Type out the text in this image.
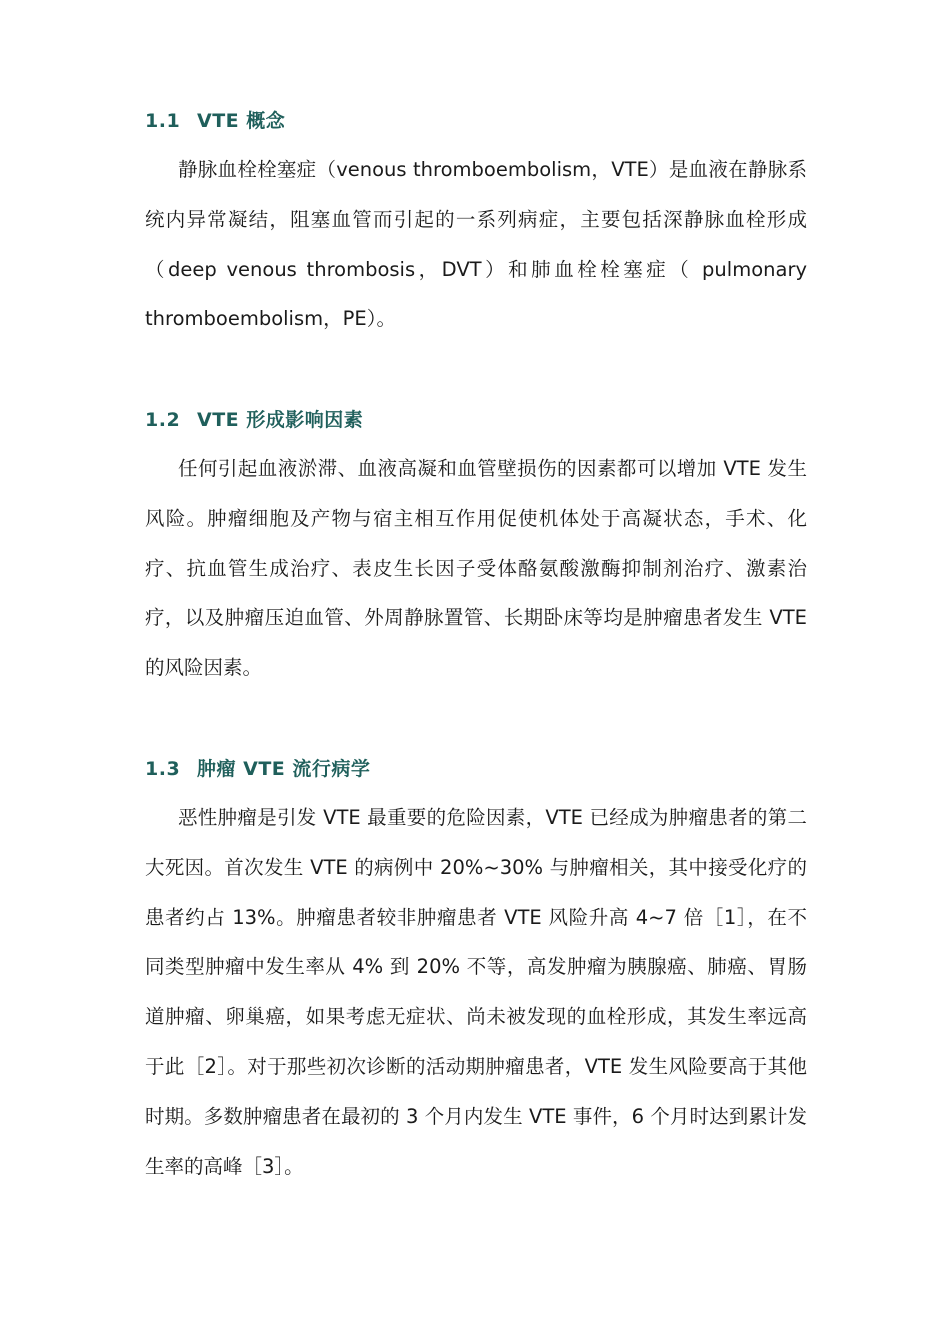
1.1 VTE 概念

静脉血栓栓塞症（venous thromboembolism，VTE）是血液在静脉系统内异常凝结，阻塞血管而引起的一系列病症，主要包括深静脉血栓形成（deep venous thrombosis，DVT）和肺血栓栓塞症（ pulmonary thromboembolism，PE）。

1.2 VTE 形成影响因素

任何引起血液淤滞、血液高凝和血管壁损伤的因素都可以增加 VTE 发生风险。肿瘤细胞及产物与宿主相互作用促使机体处于高凝状态，手术、化疗、抗血管生成治疗、表皮生长因子受体酪氨酸激酶抑制剂治疗、激素治疗，以及肿瘤压迫血管、外周静脉置管、长期卧床等均是肿瘤患者发生 VTE 的风险因素。

1.3 肿瘤 VTE 流行病学

恶性肿瘤是引发 VTE 最重要的危险因素，VTE 已经成为肿瘤患者的第二大死因。首次发生 VTE 的病例中 20%~30% 与肿瘤相关，其中接受化疗的患者约占 13%。肿瘤患者较非肿瘤患者 VTE 风险升高 4~7 倍［1］，在不同类型肿瘤中发生率从 4% 到 20% 不等，高发肿瘤为胰腺癌、肺癌、胃肠道肿瘤、卵巢癌，如果考虑无症状、尚未被发现的血栓形成，其发生率远高于此［2］。对于那些初次诊断的活动期肿瘤患者，VTE 发生风险要高于其他时期。多数肿瘤患者在最初的 3 个月内发生 VTE 事件，6 个月时达到累计发生率的高峰［3］。
